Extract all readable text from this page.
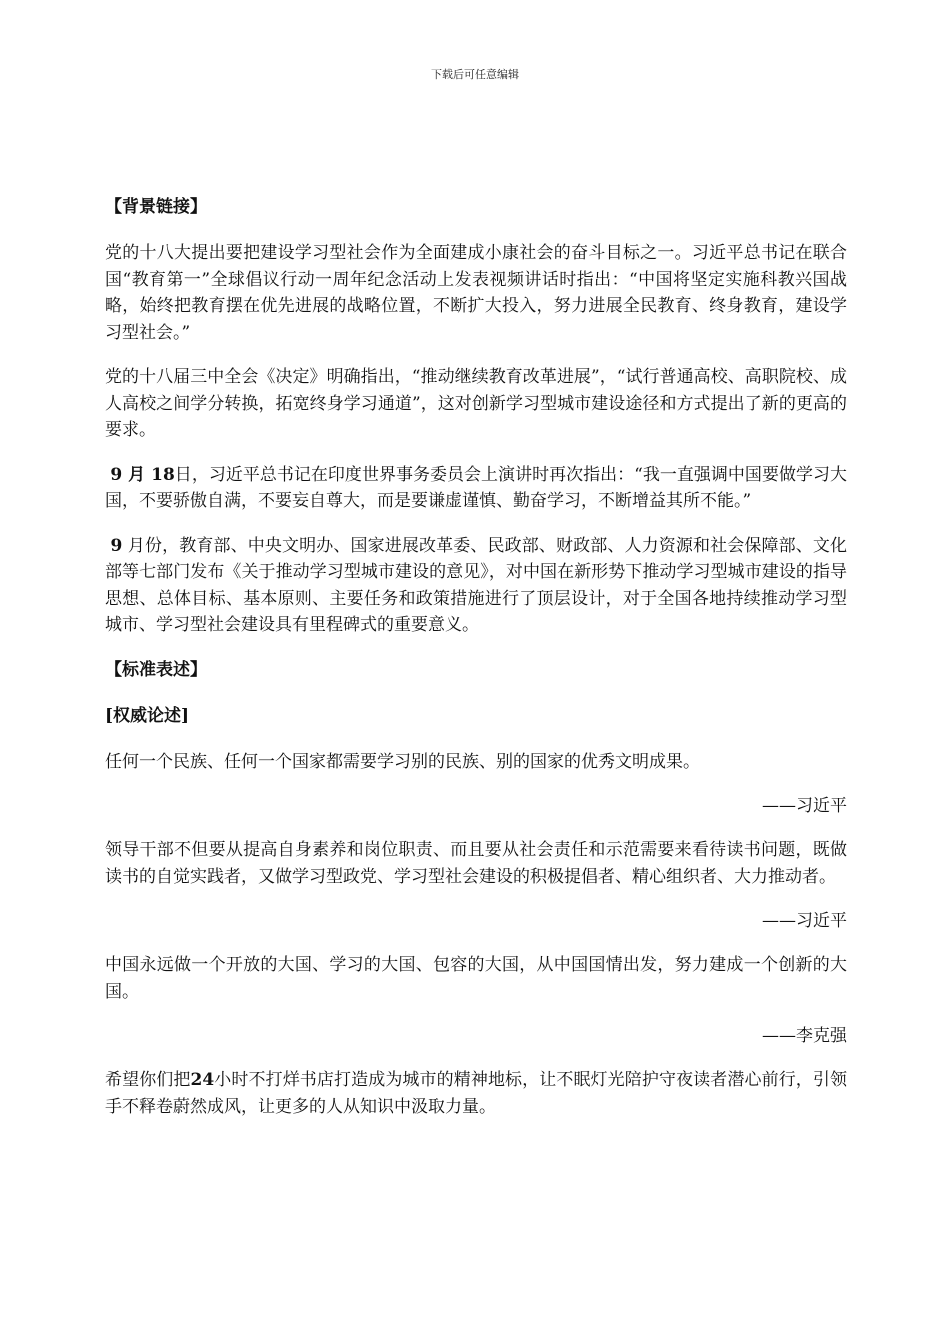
下载后可任意编辑
【背景链接】

党的十八大提出要把建设学习型社会作为全面建成小康社会的奋斗目标之一。习近平总书记在联合国“教育第一”全球倡议行动一周年纪念活动上发表视频讲话时指出：“中国将坚定实施科教兴国战略，始终把教育摆在优先进展的战略位置，不断扩大投入，努力进展全民教育、终身教育，建设学习型社会。”

党的十八届三中全会《决定》明确指出，“推动继续教育改革进展”，“试行普通高校、高职院校、成人高校之间学分转换，拓宽终身学习通道”，这对创新学习型城市建设途径和方式提出了新的更高的要求。

9 月 18日，习近平总书记在印度世界事务委员会上演讲时再次指出：“我一直强调中国要做学习大国，不要骄傲自满，不要妄自尊大，而是要谦虚谨慎、勤奋学习，不断增益其所不能。”

9 月份，教育部、中央文明办、国家进展改革委、民政部、财政部、人力资源和社会保障部、文化部等七部门发布《关于推动学习型城市建设的意见》，对中国在新形势下推动学习型城市建设的指导思想、总体目标、基本原则、主要任务和政策措施进行了顶层设计，对于全国各地持续推动学习型城市、学习型社会建设具有里程碑式的重要意义。

【标准表述】
[权威论述]

任何一个民族、任何一个国家都需要学习别的民族、别的国家的优秀文明成果。

——习近平

领导干部不但要从提高自身素养和岗位职责、而且要从社会责任和示范需要来看待读书问题，既做读书的自觉实践者，又做学习型政党、学习型社会建设的积极提倡者、精心组织者、大力推动者。

——习近平

中国永远做一个开放的大国、学习的大国、包容的大国，从中国国情出发，努力建成一个创新的大国。

——李克强

希望你们把24小时不打烊书店打造成为城市的精神地标，让不眠灯光陪护守夜读者潜心前行，引领手不释卷蔚然成风，让更多的人从知识中汲取力量。
